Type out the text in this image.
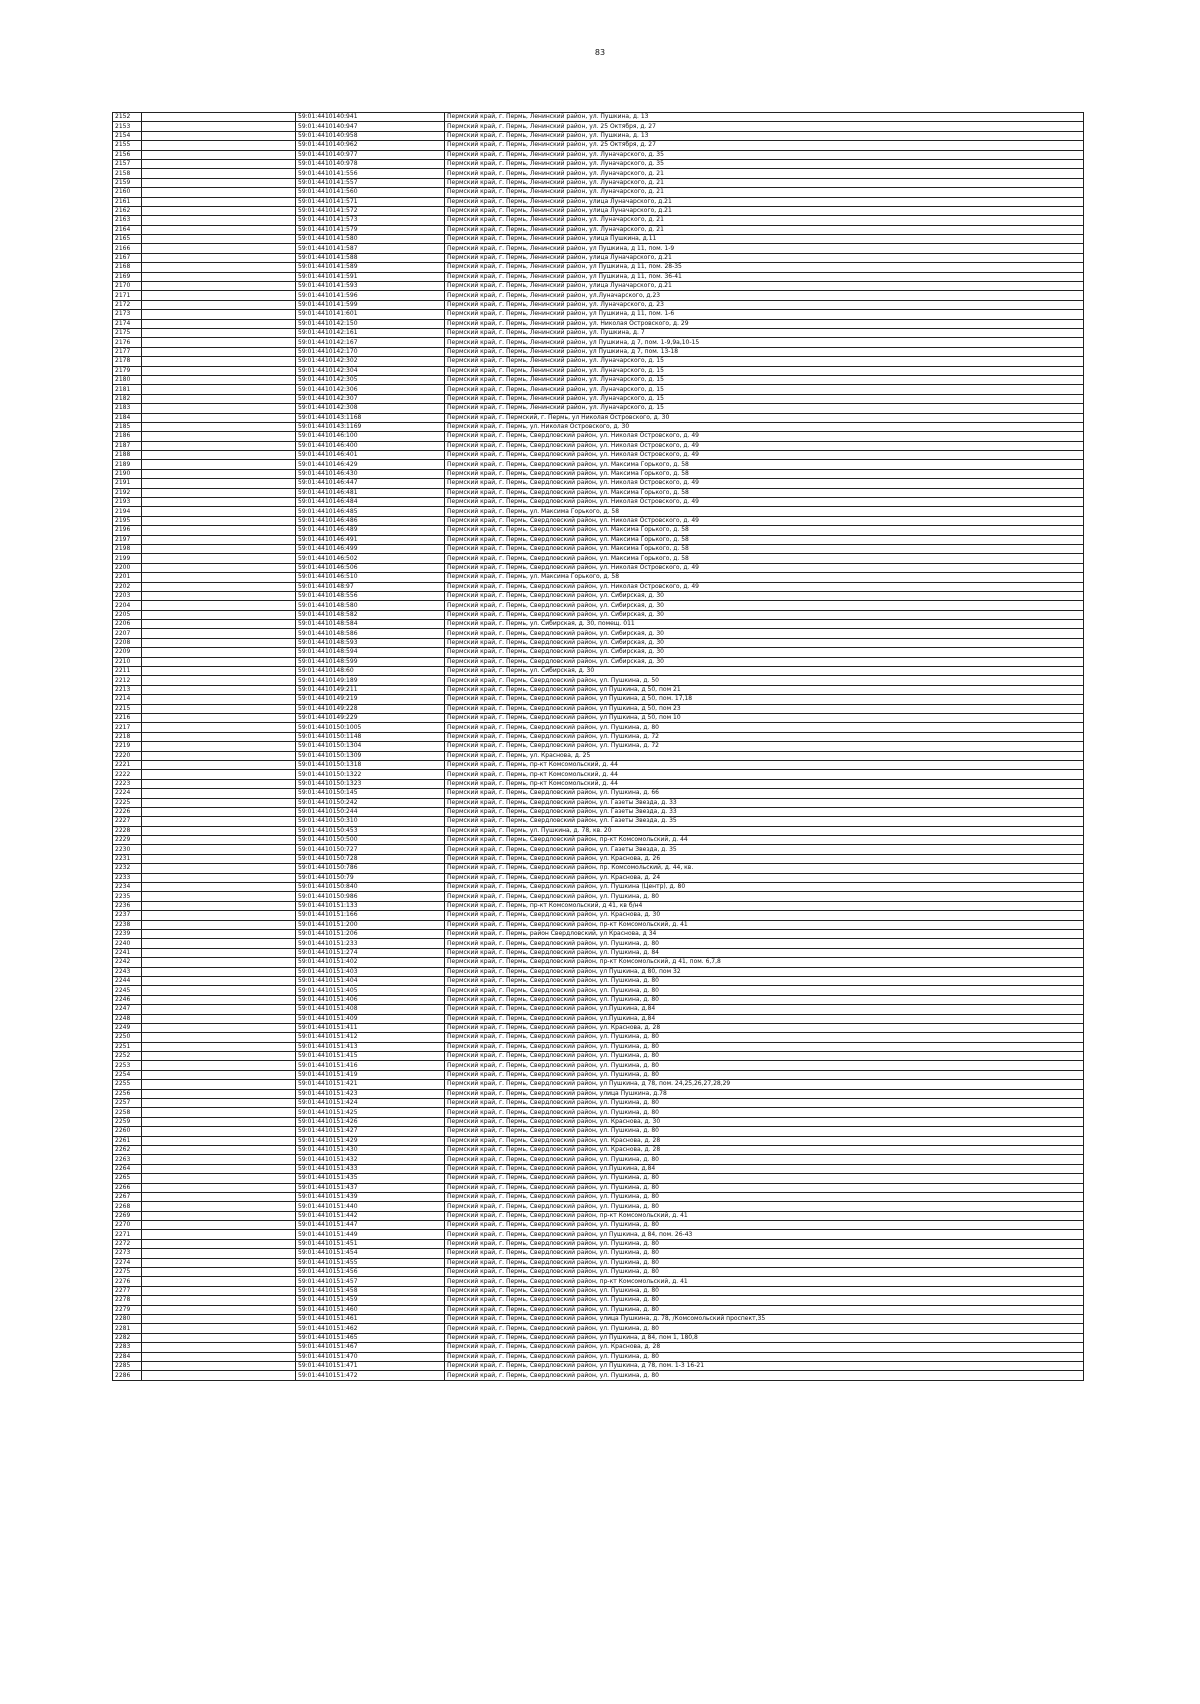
83
2152		59:01:4410140:941	Пермский край, г. Пермь, Ленинский район, ул. Пушкина, д. 13
2153		59:01:4410140:947	Пермский край, г. Пермь, Ленинский район, ул. 25 Октября, д. 27
2154		59:01:4410140:958	Пермский край, г. Пермь, Ленинский район, ул. Пушкина, д. 13
2155		59:01:4410140:962	Пермский край, г. Пермь, Ленинский район, ул. 25 Октября, д. 27
2156		59:01:4410140:977	Пермский край, г. Пермь, Ленинский район, ул. Луначарского, д. 35
2157		59:01:4410140:978	Пермский край, г. Пермь, Ленинский район, ул. Луначарского, д. 35
2158		59:01:4410141:556	Пермский край, г. Пермь, Ленинский район, ул. Луначарского, д. 21
2159		59:01:4410141:557	Пермский край, г. Пермь, Ленинский район, ул. Луначарского, д. 21
2160		59:01:4410141:560	Пермский край, г. Пермь, Ленинский район, ул. Луначарского, д. 21
2161		59:01:4410141:571	Пермский край, г. Пермь, Ленинский район, улица Луначарского, д.21
2162		59:01:4410141:572	Пермский край, г. Пермь, Ленинский район, улица Луначарского, д.21
2163		59:01:4410141:573	Пермский край, г. Пермь, Ленинский район, ул. Луначарского, д. 21
2164		59:01:4410141:579	Пермский край, г. Пермь, Ленинский район, ул. Луначарского, д. 21
2165		59:01:4410141:580	Пермский край, г. Пермь, Ленинский район, улица Пушкина, д.11
2166		59:01:4410141:587	Пермский край, г. Пермь, Ленинский район, ул Пушкина, д 11, пом. 1-9
2167		59:01:4410141:588	Пермский край, г. Пермь, Ленинский район, улица Луначарского, д.21
2168		59:01:4410141:589	Пермский край, г. Пермь, Ленинский район, ул Пушкина, д 11, пом. 28-35
2169		59:01:4410141:591	Пермский край, г. Пермь, Ленинский район, ул Пушкина, д 11, пом. 36-41
2170		59:01:4410141:593	Пермский край, г. Пермь, Ленинский район, улица Луначарского, д.21
2171		59:01:4410141:596	Пермский край, г. Пермь, Ленинский район, ул.Луначарского, д.23
2172		59:01:4410141:599	Пермский край, г. Пермь, Ленинский район, ул. Луначарского, д. 23
2173		59:01:4410141:601	Пермский край, г. Пермь, Ленинский район, ул Пушкина, д 11, пом. 1-6
2174		59:01:4410142:150	Пермский край, г. Пермь, Ленинский район, ул. Николая Островского, д. 29
2175		59:01:4410142:161	Пермский край, г. Пермь, Ленинский район, ул. Пушкина, д. 7
2176		59:01:4410142:167	Пермский край, г. Пермь, Ленинский район, ул Пушкина, д 7, пом. 1-9,9а,10-15
2177		59:01:4410142:170	Пермский край, г. Пермь, Ленинский район, ул Пушкина, д 7, пом. 13-18
2178		59:01:4410142:302	Пермский край, г. Пермь, Ленинский район, ул. Луначарского, д. 15
2179		59:01:4410142:304	Пермский край, г. Пермь, Ленинский район, ул. Луначарского, д. 15
2180		59:01:4410142:305	Пермский край, г. Пермь, Ленинский район, ул. Луначарского, д. 15
2181		59:01:4410142:306	Пермский край, г. Пермь, Ленинский район, ул. Луначарского, д. 15
2182		59:01:4410142:307	Пермский край, г. Пермь, Ленинский район, ул. Луначарского, д. 15
2183		59:01:4410142:308	Пермский край, г. Пермь, Ленинский район, ул. Луначарского, д. 15
2184		59:01:4410143:1168	Пермский край, г. Пермский, г. Пермь, ул Николая Островского, д. 30
2185		59:01:4410143:1169	Пермский край, г. Пермь, ул. Николая Островского, д. 30
2186		59:01:4410146:100	Пермский край, г. Пермь, Свердловский район, ул. Николая Островского, д. 49
2187		59:01:4410146:400	Пермский край, г. Пермь, Свердловский район, ул. Николая Островского, д. 49
2188		59:01:4410146:401	Пермский край, г. Пермь, Свердловский район, ул. Николая Островского, д. 49
2189		59:01:4410146:429	Пермский край, г. Пермь, Свердловский район, ул. Максима Горького, д. 58
2190		59:01:4410146:430	Пермский край, г. Пермь, Свердловский район, ул. Максима Горького, д. 58
2191		59:01:4410146:447	Пермский край, г. Пермь, Свердловский район, ул. Николая Островского, д. 49
2192		59:01:4410146:481	Пермский край, г. Пермь, Свердловский район, ул. Максима Горького, д. 58
2193		59:01:4410146:484	Пермский край, г. Пермь, Свердловский район, ул. Николая Островского, д. 49
2194		59:01:4410146:485	Пермский край, г. Пермь, ул. Максима Горького, д. 58
2195		59:01:4410146:486	Пермский край, г. Пермь, Свердловский район, ул. Николая Островского, д. 49
2196		59:01:4410146:489	Пермский край, г. Пермь, Свердловский район, ул. Максима Горького, д. 58
2197		59:01:4410146:491	Пермский край, г. Пермь, Свердловский район, ул. Максима Горького, д. 58
2198		59:01:4410146:499	Пермский край, г. Пермь, Свердловский район, ул. Максима Горького, д. 58
2199		59:01:4410146:502	Пермский край, г. Пермь, Свердловский район, ул. Максима Горького, д. 58
2200		59:01:4410146:506	Пермский край, г. Пермь, Свердловский район, ул. Николая Островского, д. 49
2201		59:01:4410146:510	Пермский край, г. Пермь, ул. Максима Горького, д. 58
2202		59:01:4410148:97	Пермский край, г. Пермь, Свердловский район, ул. Николая Островского, д. 49
2203		59:01:4410148:556	Пермский край, г. Пермь, Свердловский район, ул. Сибирская, д. 30
2204		59:01:4410148:580	Пермский край, г. Пермь, Свердловский район, ул. Сибирская, д. 30
2205		59:01:4410148:582	Пермский край, г. Пермь, Свердловский район, ул. Сибирская, д. 30
2206		59:01:4410148:584	Пермский край, г. Пермь, ул. Сибирская, д. 30, помещ. 011
2207		59:01:4410148:586	Пермский край, г. Пермь, Свердловский район, ул. Сибирская, д. 30
2208		59:01:4410148:593	Пермский край, г. Пермь, Свердловский район, ул. Сибирская, д. 30
2209		59:01:4410148:594	Пермский край, г. Пермь, Свердловский район, ул. Сибирская, д. 30
2210		59:01:4410148:599	Пермский край, г. Пермь, Свердловский район, ул. Сибирская, д. 30
2211		59:01:4410148:60	Пермский край, г. Пермь, ул. Сибирская, д. 30
2212		59:01:4410149:189	Пермский край, г. Пермь, Свердловский район, ул. Пушкина, д. 50
2213		59:01:4410149:211	Пермский край, г. Пермь, Свердловский район, ул Пушкина, д 50, пом 21
2214		59:01:4410149:219	Пермский край, г. Пермь, Свердловский район, ул Пушкина, д 50, пом. 17,18
2215		59:01:4410149:228	Пермский край, г. Пермь, Свердловский район, ул Пушкина, д 50, пом 23
2216		59:01:4410149:229	Пермский край, г. Пермь, Свердловский район, ул Пушкина, д 50, пом 10
2217		59:01:4410150:1005	Пермский край, г. Пермь, Свердловский район, ул. Пушкина, д. 80
2218		59:01:4410150:1148	Пермский край, г. Пермь, Свердловский район, ул. Пушкина, д. 72
2219		59:01:4410150:1304	Пермский край, г. Пермь, Свердловский район, ул. Пушкина, д. 72
2220		59:01:4410150:1309	Пермский край, г. Пермь, ул. Краснова, д. 25
2221		59:01:4410150:1318	Пермский край, г. Пермь, пр-кт Комсомольский, д. 44
2222		59:01:4410150:1322	Пермский край, г. Пермь, пр-кт Комсомольский, д. 44
2223		59:01:4410150:1323	Пермский край, г. Пермь, пр-кт Комсомольский, д. 44
2224		59:01:4410150:145	Пермский край, г. Пермь, Свердловский район, ул. Пушкина, д. 66
2225		59:01:4410150:242	Пермский край, г. Пермь, Свердловский район, ул. Газеты Звезда, д. 33
2226		59:01:4410150:244	Пермский край, г. Пермь, Свердловский район, ул. Газеты Звезда, д. 33
2227		59:01:4410150:310	Пермский край, г. Пермь, Свердловский район, ул. Газеты Звезда, д. 35
2228		59:01:4410150:453	Пермский край, г. Пермь, ул. Пушкина, д. 78, кв. 20
2229		59:01:4410150:500	Пермский край, г. Пермь, Свердловский район, пр-кт Комсомольский, д. 44
2230		59:01:4410150:727	Пермский край, г. Пермь, Свердловский район, ул. Газеты Звезда, д. 35
2231		59:01:4410150:728	Пермский край, г. Пермь, Свердловский район, ул. Краснова, д. 26
2232		59:01:4410150:786	Пермский край, г. Пермь, Свердловский район, пр. Комсомольский, д. 44, кв.
2233		59:01:4410150:79	Пермский край, г. Пермь, Свердловский район, ул. Краснова, д. 24
2234		59:01:4410150:840	Пермский край, г. Пермь, Свердловский район, ул. Пушкина (Центр), д. 80
2235		59:01:4410150:986	Пермский край, г. Пермь, Свердловский район, ул. Пушкина, д. 80
2236		59:01:4410151:133	Пермский край, г. Пермь, пр-кт Комсомольский, д 41, кв б/н4
2237		59:01:4410151:166	Пермский край, г. Пермь, Свердловский район, ул. Краснова, д. 30
2238		59:01:4410151:200	Пермский край, г. Пермь, Свердловский район, пр-кт Комсомольский, д. 41
2239		59:01:4410151:206	Пермский край, г. Пермь, район Свердловский, ул Краснова, д 34
2240		59:01:4410151:233	Пермский край, г. Пермь, Свердловский район, ул. Пушкина, д. 80
2241		59:01:4410151:274	Пермский край, г. Пермь, Свердловский район, ул. Пушкина, д. 84
2242		59:01:4410151:402	Пермский край, г. Пермь, Свердловский район, пр-кт Комсомольский, д 41, пом. 6,7,8
2243		59:01:4410151:403	Пермский край, г. Пермь, Свердловский район, ул Пушкина, д 80, пом 32
2244		59:01:4410151:404	Пермский край, г. Пермь, Свердловский район, ул. Пушкина, д. 80
2245		59:01:4410151:405	Пермский край, г. Пермь, Свердловский район, ул. Пушкина, д. 80
2246		59:01:4410151:406	Пермский край, г. Пермь, Свердловский район, ул. Пушкина, д. 80
2247		59:01:4410151:408	Пермский край, г. Пермь, Свердловский район, ул.Пушкина, д.84
2248		59:01:4410151:409	Пермский край, г. Пермь, Свердловский район, ул.Пушкина, д.84
2249		59:01:4410151:411	Пермский край, г. Пермь, Свердловский район, ул. Краснова, д. 28
2250		59:01:4410151:412	Пермский край, г. Пермь, Свердловский район, ул. Пушкина, д. 80
2251		59:01:4410151:413	Пермский край, г. Пермь, Свердловский район, ул. Пушкина, д. 80
2252		59:01:4410151:415	Пермский край, г. Пермь, Свердловский район, ул. Пушкина, д. 80
2253		59:01:4410151:416	Пермский край, г. Пермь, Свердловский район, ул. Пушкина, д. 80
2254		59:01:4410151:419	Пермский край, г. Пермь, Свердловский район, ул. Пушкина, д. 80
2255		59:01:4410151:421	Пермский край, г. Пермь, Свердловский район, ул Пушкина, д 78, пом. 24,25,26,27,28,29
2256		59:01:4410151:423	Пермский край, г. Пермь, Свердловский район, улица Пушкина, д.78
2257		59:01:4410151:424	Пермский край, г. Пермь, Свердловский район, ул. Пушкина, д. 80
2258		59:01:4410151:425	Пермский край, г. Пермь, Свердловский район, ул. Пушкина, д. 80
2259		59:01:4410151:426	Пермский край, г. Пермь, Свердловский район, ул. Краснова, д. 30
2260		59:01:4410151:427	Пермский край, г. Пермь, Свердловский район, ул. Пушкина, д. 80
2261		59:01:4410151:429	Пермский край, г. Пермь, Свердловский район, ул. Краснова, д. 28
2262		59:01:4410151:430	Пермский край, г. Пермь, Свердловский район, ул. Краснова, д. 28
2263		59:01:4410151:432	Пермский край, г. Пермь, Свердловский район, ул. Пушкина, д. 80
2264		59:01:4410151:433	Пермский край, г. Пермь, Свердловский район, ул.Пушкина, д.84
2265		59:01:4410151:435	Пермский край, г. Пермь, Свердловский район, ул. Пушкина, д. 80
2266		59:01:4410151:437	Пермский край, г. Пермь, Свердловский район, ул. Пушкина, д. 80
2267		59:01:4410151:439	Пермский край, г. Пермь, Свердловский район, ул. Пушкина, д. 80
2268		59:01:4410151:440	Пермский край, г. Пермь, Свердловский район, ул. Пушкина, д. 80
2269		59:01:4410151:442	Пермский край, г. Пермь, Свердловский район, пр-кт Комсомольский, д. 41
2270		59:01:4410151:447	Пермский край, г. Пермь, Свердловский район, ул. Пушкина, д. 80
2271		59:01:4410151:449	Пермский край, г. Пермь, Свердловский район, ул Пушкина, д 84, пом. 26-43
2272		59:01:4410151:451	Пермский край, г. Пермь, Свердловский район, ул. Пушкина, д. 80
2273		59:01:4410151:454	Пермский край, г. Пермь, Свердловский район, ул. Пушкина, д. 80
2274		59:01:4410151:455	Пермский край, г. Пермь, Свердловский район, ул. Пушкина, д. 80
2275		59:01:4410151:456	Пермский край, г. Пермь, Свердловский район, ул. Пушкина, д. 80
2276		59:01:4410151:457	Пермский край, г. Пермь, Свердловский район, пр-кт Комсомольский, д. 41
2277		59:01:4410151:458	Пермский край, г. Пермь, Свердловский район, ул. Пушкина, д. 80
2278		59:01:4410151:459	Пермский край, г. Пермь, Свердловский район, ул. Пушкина, д. 80
2279		59:01:4410151:460	Пермский край, г. Пермь, Свердловский район, ул. Пушкина, д. 80
2280		59:01:4410151:461	Пермский край, г. Пермь, Свердловский район, улица Пушкина, д. 78, /Комсомольский проспект,35
2281		59:01:4410151:462	Пермский край, г. Пермь, Свердловский район, ул. Пушкина, д. 80
2282		59:01:4410151:465	Пермский край, г. Пермь, Свердловский район, ул Пушкина, д 84, пом 1, 180,8
2283		59:01:4410151:467	Пермский край, г. Пермь, Свердловский район, ул. Краснова, д. 28
2284		59:01:4410151:470	Пермский край, г. Пермь, Свердловский район, ул. Пушкина, д. 80
2285		59:01:4410151:471	Пермский край, г. Пермь, Свердловский район, ул Пушкина, д 78, пом. 1-3 16-21
2286		59:01:4410151:472	Пермский край, г. Пермь, Свердловский район, ул. Пушкина, д. 80
